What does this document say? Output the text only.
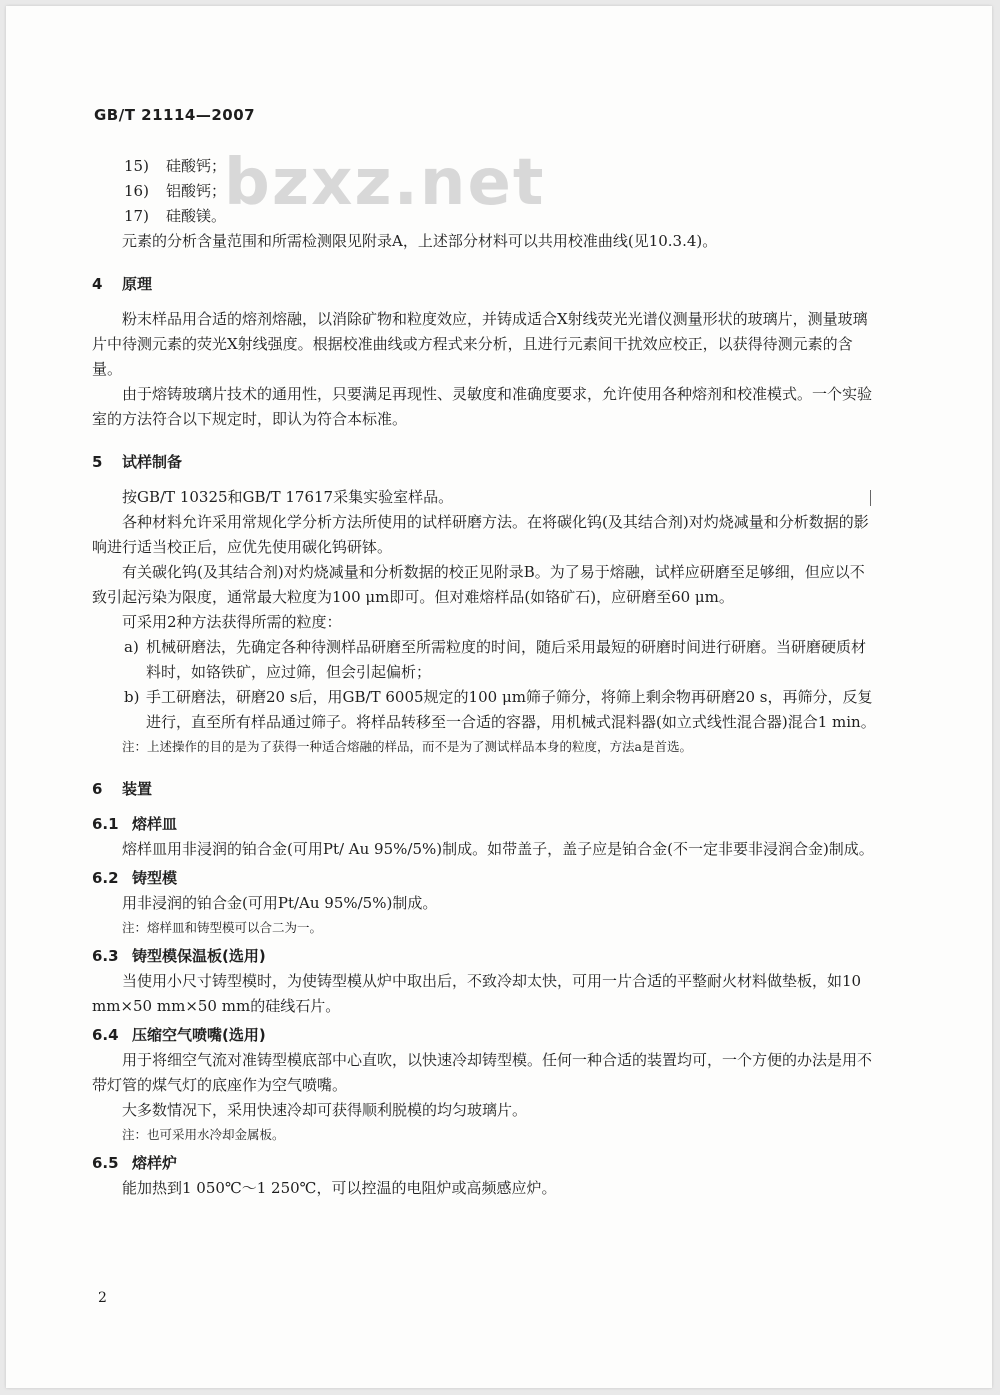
GB/T 21114—2007
bzxz.net

15) 硅酸钙；

16) 铝酸钙；

17) 硅酸镁。

元素的分析含量范围和所需检测限见附录A，上述部分材料可以共用校准曲线(见10.3.4)。

4 原理

粉末样品用合适的熔剂熔融，以消除矿物和粒度效应，并铸成适合X射线荧光光谱仪测量形状的玻璃片，测量玻璃片中待测元素的荧光X射线强度。根据校准曲线或方程式来分析，且进行元素间干扰效应校正，以获得待测元素的含量。

由于熔铸玻璃片技术的通用性，只要满足再现性、灵敏度和准确度要求，允许使用各种熔剂和校准模式。一个实验室的方法符合以下规定时，即认为符合本标准。

5 试样制备

按GB/T 10325和GB/T 17617采集实验室样品。

各种材料允许采用常规化学分析方法所使用的试样研磨方法。在将碳化钨(及其结合剂)对灼烧减量和分析数据的影响进行适当校正后，应优先使用碳化钨研钵。

有关碳化钨(及其结合剂)对灼烧减量和分析数据的校正见附录B。为了易于熔融，试样应研磨至足够细，但应以不致引起污染为限度，通常最大粒度为100 μm即可。但对难熔样品(如铬矿石)，应研磨至60 μm。

可采用2种方法获得所需的粒度：

a) 机械研磨法，先确定各种待测样品研磨至所需粒度的时间，随后采用最短的研磨时间进行研磨。当研磨硬质材料时，如铬铁矿，应过筛，但会引起偏析；

b) 手工研磨法，研磨20 s后，用GB/T 6005规定的100 μm筛子筛分，将筛上剩余物再研磨20 s，再筛分，反复进行，直至所有样品通过筛子。将样品转移至一合适的容器，用机械式混料器(如立式线性混合器)混合1 min。

注：上述操作的目的是为了获得一种适合熔融的样品，而不是为了测试样品本身的粒度，方法a是首选。

6 装置
6.1 熔样皿

熔样皿用非浸润的铂合金(可用Pt/ Au 95%/5%)制成。如带盖子，盖子应是铂合金(不一定非要非浸润合金)制成。

6.2 铸型模

用非浸润的铂合金(可用Pt/Au 95%/5%)制成。

注：熔样皿和铸型模可以合二为一。

6.3 铸型模保温板(选用)

当使用小尺寸铸型模时，为使铸型模从炉中取出后，不致冷却太快，可用一片合适的平整耐火材料做垫板，如10 mm×50 mm×50 mm的硅线石片。

6.4 压缩空气喷嘴(选用)

用于将细空气流对准铸型模底部中心直吹，以快速冷却铸型模。任何一种合适的装置均可，一个方便的办法是用不带灯管的煤气灯的底座作为空气喷嘴。

大多数情况下，采用快速冷却可获得顺利脱模的均匀玻璃片。

注：也可采用水冷却金属板。

6.5 熔样炉

能加热到1 050℃～1 250℃，可以控温的电阻炉或高频感应炉。

2
